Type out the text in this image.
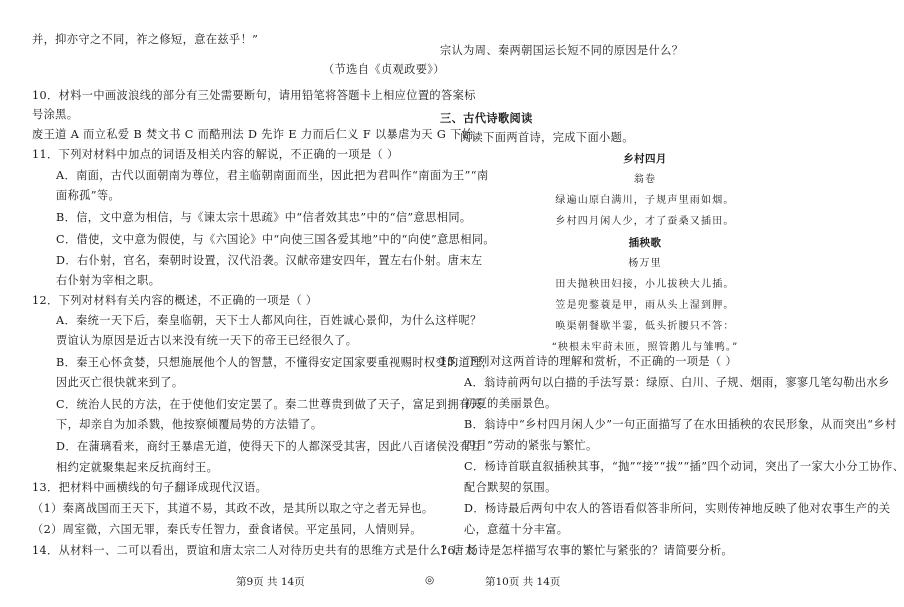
并，抑亦守之不同，祚之修短，意在兹乎！”
（节选自《贞观政要》）
10．材料一中画波浪线的部分有三处需要断句，请用铅笔将答题卡上相应位置的答案标
号涂黑。
废王道 A 而立私爱 B 焚文书 C 而酷刑法 D 先诈 E 力而后仁义 F 以暴虐为天 G 下始。
11．下列对材料中加点的词语及相关内容的解说，不正确的一项是（ ）
A．南面，古代以面朝南为尊位，君主临朝南面而坐，因此把为君叫作“南面为王”“南
面称孤”等。
B．信，文中意为相信，与《谏太宗十思疏》中“信者效其忠”中的“信”意思相同。
C．借使，文中意为假使，与《六国论》中“向使三国各爱其地”中的“向使”意思相同。
D．右仆射，官名，秦朝时设置，汉代沿袭。汉献帝建安四年，置左右仆射。唐末左
右仆射为宰相之职。
12．下列对材料有关内容的概述，不正确的一项是（ ）
A．秦统一天下后，秦皇临朝，天下士人都风向往，百姓诚心景仰，为什么这样呢？
贾谊认为原因是近古以来没有统一天下的帝王已经很久了。
B．秦王心怀贪婪，只想施展他个人的智慧，不懂得安定国家要重视赐时权变的道理，
因此灭亡很快就来到了。
C．统治人民的方法，在于使他们安定罢了。秦二世尊贵到做了天子，富足到拥有天
下，却亲自为加杀戮，他按察倾覆局势的方法错了。
D．在蒲璃看来，商纣王暴虐无道，使得天下的人都深受其害，因此八百诸侯没有互
相约定就聚集起来反抗商纣王。
13．把材料中画横线的句子翻译成现代汉语。
（1）秦离战国而王天下，其道不易，其政不改，是其所以取之守之者无异也。
（2）周室微，六国无罪，秦氏专任智力，蚕食诸侯。平定虽同，人情则异。
14．从材料一、二可以看出，贾谊和唐太宗二人对待历史共有的思维方式是什么？唐太
第9页 共 14页	◎
宗认为周、秦两朝国运长短不同的原因是什么？
三、古代诗歌阅读
阅读下面两首诗，完成下面小题。
乡村四月
翁卷
绿遍山原白满川，子规声里雨如烟。
乡村四月闲人少，才了蚕桑又插田。
插秧歌
杨万里
田夫抛秧田妇接，小儿拔秧大儿插。
笠是兜鍪蓑是甲，雨从头上湿到胛。
唤渠朝餐歇半霎，低头折腰只不答：
“秧根未牢莳未匝，照管鹅儿与雏鸭。”
15．下列对这两首诗的理解和赏析，不正确的一项是（ ）
A．翁诗前两句以白描的手法写景：绿原、白川、子规、烟雨，寥寥几笔勾勒出水乡
初夏的美丽景色。
B．翁诗中“乡村四月闲人少”一句正面描写了在水田插秧的农民形象，从而突出“乡村
四月”劳动的紧张与繁忙。
C．杨诗首联直叙插秧其事，“抛”“接”“拔”“插”四个动词，突出了一家大小分工协作、
配合默契的氛围。
D．杨诗最后两句中农人的答语看似答非所问，实则传神地反映了他对农事生产的关
心，意蕴十分丰富。
16．杨诗是怎样描写农事的繁忙与紧张的？请简要分析。
第10页 共 14页
